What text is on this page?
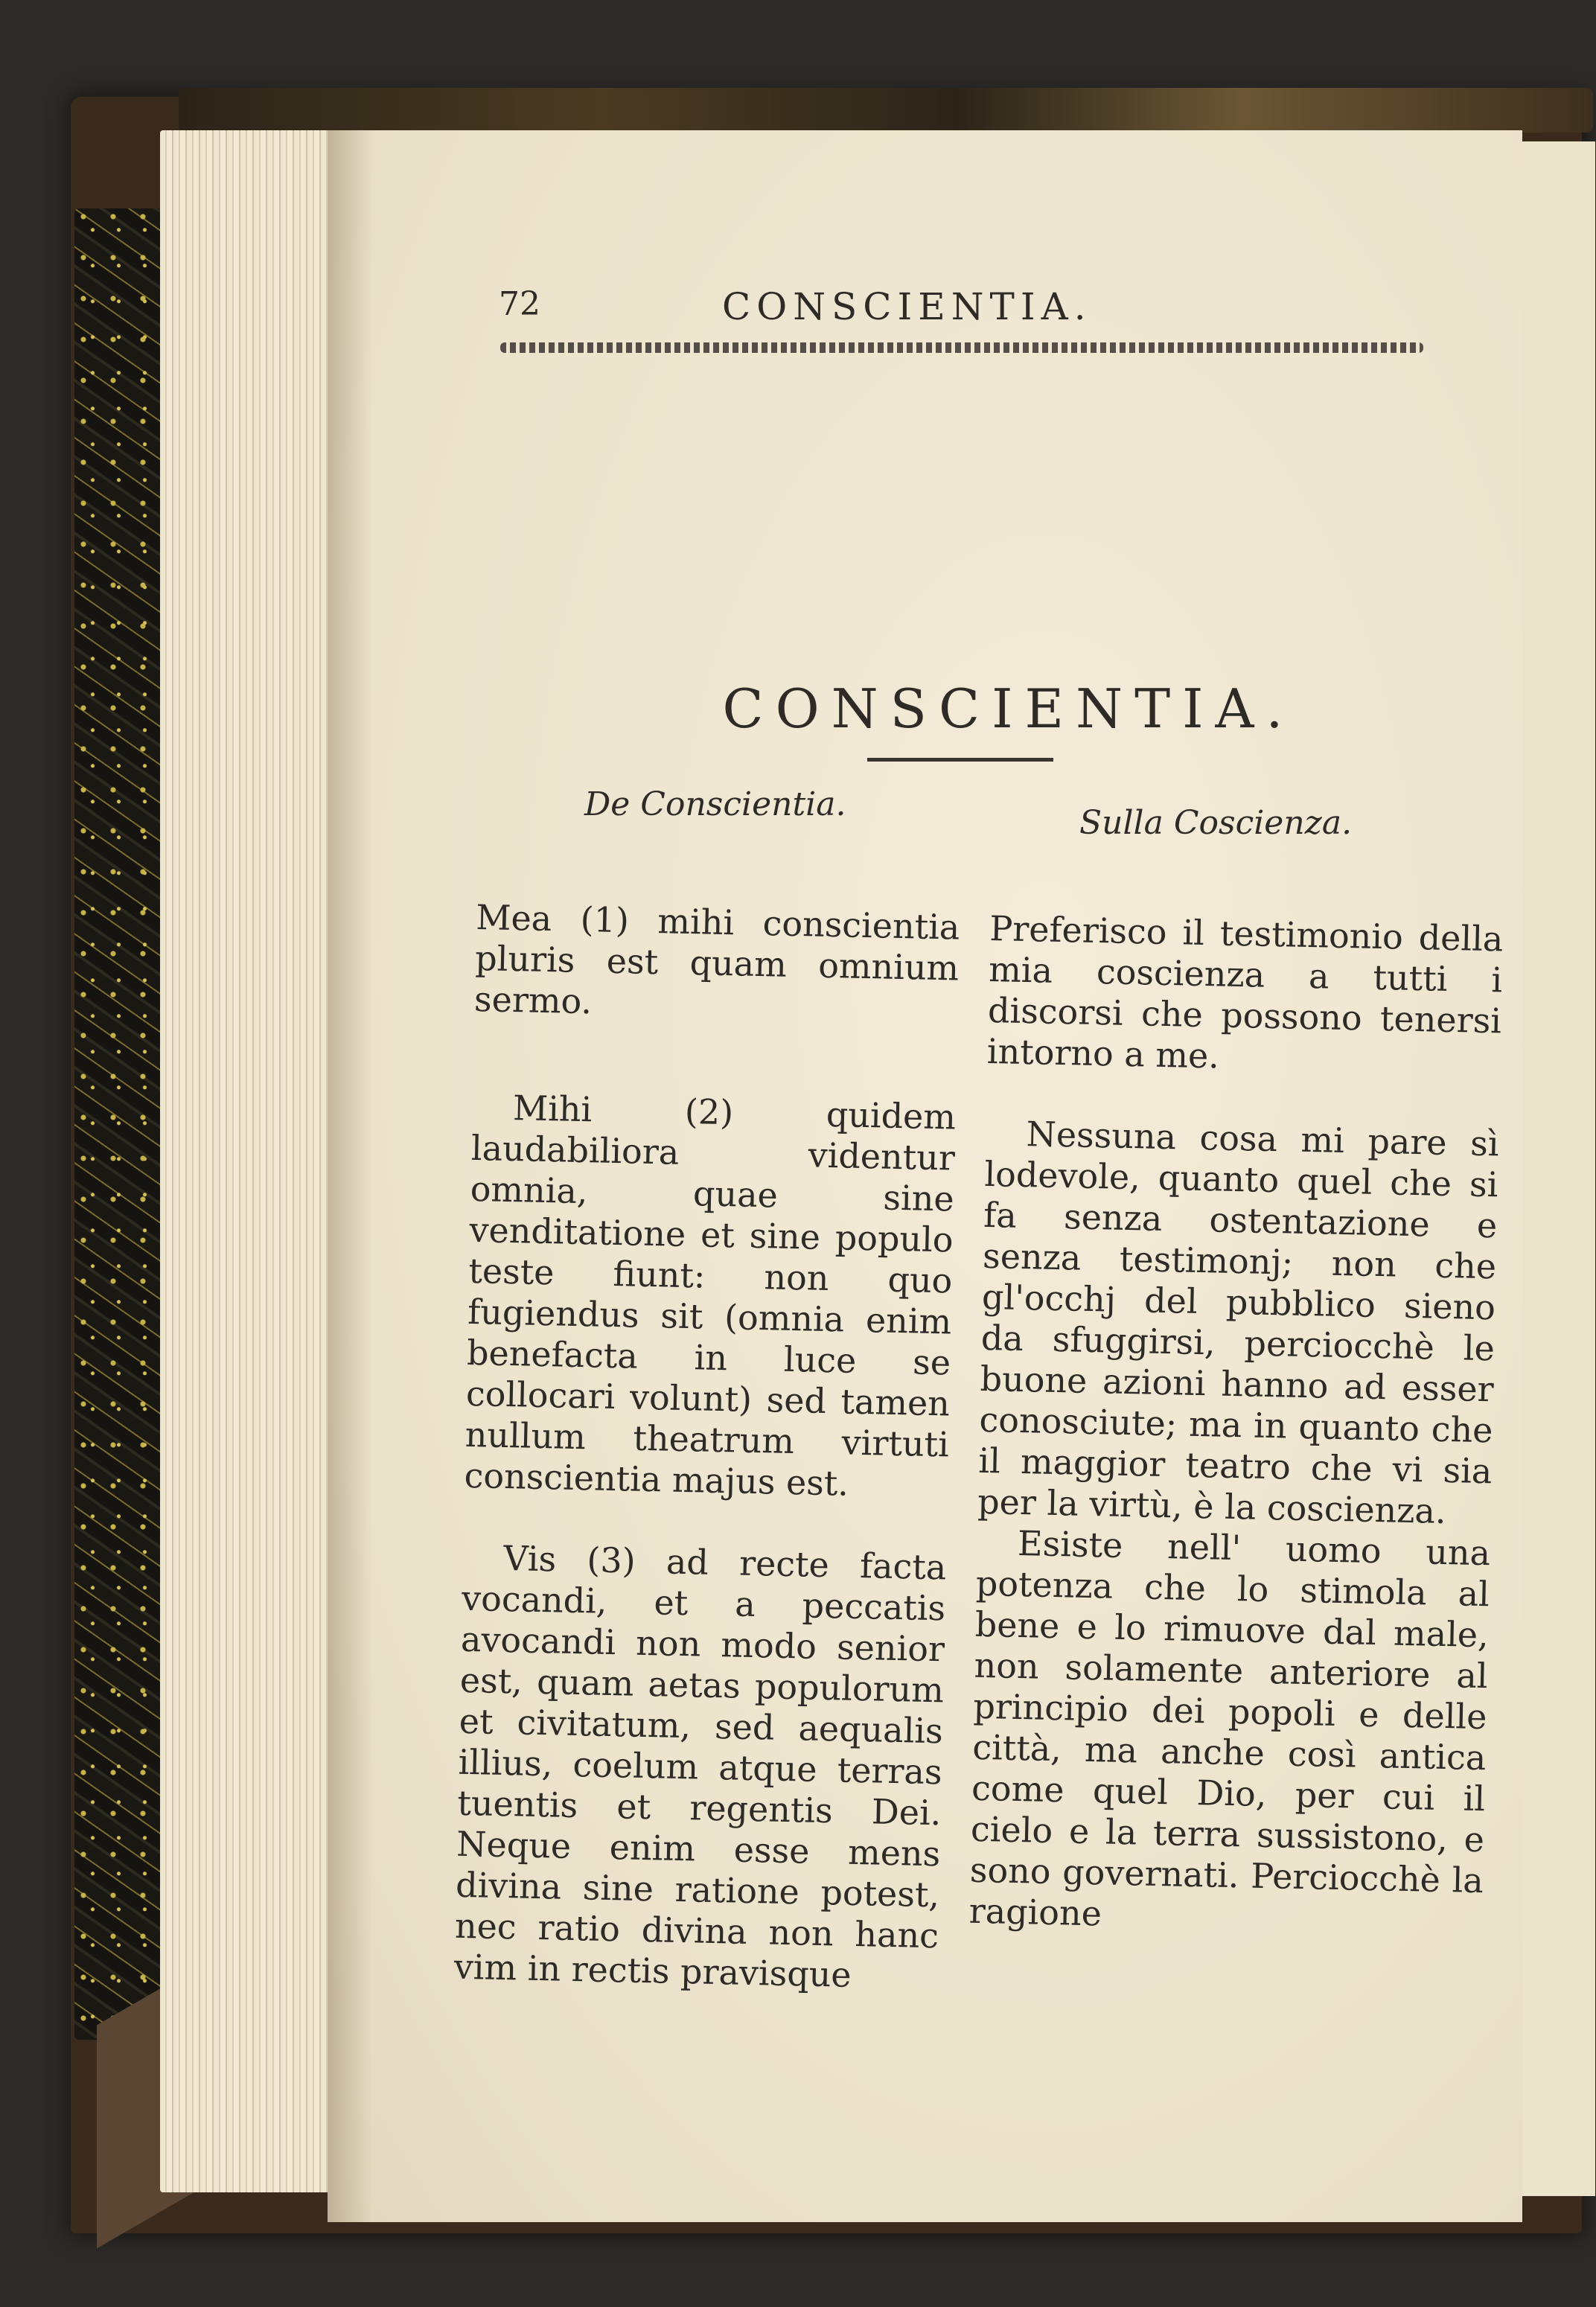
72	CONSCIENTIA.
CONSCIENTIA.
De Conscientia.	Sulla Coscienza.

Mea (1) mihi conscientia pluris est quam omnium sermo.

Mihi (2) quidem laudabiliora videntur omnia, quae sine venditatione et sine populo teste fiunt: non quo fugiendus sit (omnia enim benefacta in luce se collocari volunt) sed tamen nullum theatrum virtuti conscientia majus est.

Vis (3) ad recte facta vocandi, et a peccatis avocandi non modo senior est, quam aetas populorum et civitatum, sed aequalis illius, coelum atque terras tuentis et regentis Dei. Neque enim esse mens divina sine ratione potest, nec ratio divina non hanc vim in rectis pravisque

Preferisco il testimonio della mia coscienza a tutti i discorsi che possono tenersi intorno a me.

Nessuna cosa mi pare sì lodevole, quanto quel che si fa senza ostentazione e senza testimonj; non che gl'occhj del pubblico sieno da sfuggirsi, perciocchè le buone azioni hanno ad esser conosciute; ma in quanto che il maggior teatro che vi sia per la virtù, è la coscienza.

Esiste nell' uomo una potenza che lo stimola al bene e lo rimuove dal male, non solamente anteriore al principio dei popoli e delle città, ma anche così antica come quel Dio, per cui il cielo e la terra sussistono, e sono governati. Perciocchè la ragione
